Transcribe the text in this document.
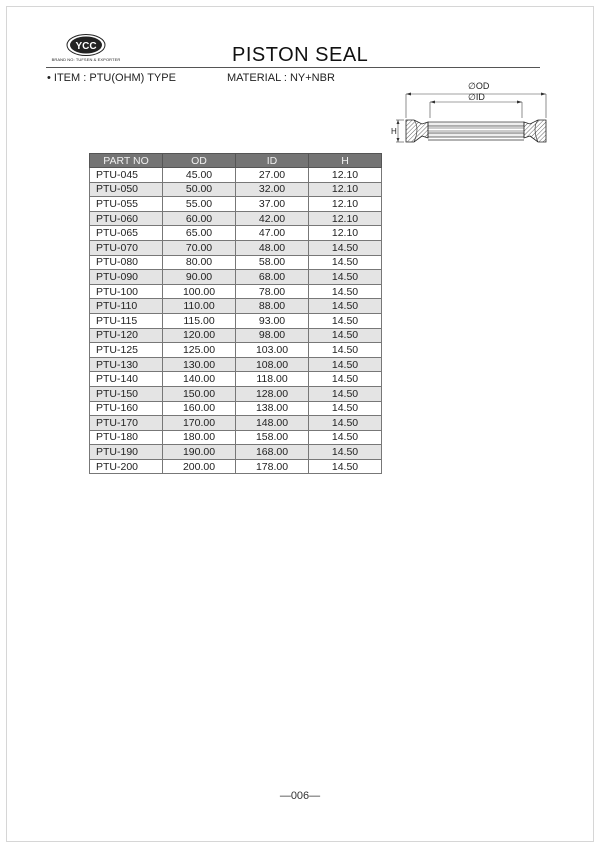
YCC
BRAND NO: TUFSEN & EXPORTER	PISTON SEAL
• ITEM : PTU(OHM) TYPE	MATERIAL : NY+NBR
∅OD
∅ID
H
PART NO	OD	ID	H
PTU-045	45.00	27.00	12.10
PTU-050	50.00	32.00	12.10
PTU-055	55.00	37.00	12.10
PTU-060	60.00	42.00	12.10
PTU-065	65.00	47.00	12.10
PTU-070	70.00	48.00	14.50
PTU-080	80.00	58.00	14.50
PTU-090	90.00	68.00	14.50
PTU-100	100.00	78.00	14.50
PTU-110	110.00	88.00	14.50
PTU-115	115.00	93.00	14.50
PTU-120	120.00	98.00	14.50
PTU-125	125.00	103.00	14.50
PTU-130	130.00	108.00	14.50
PTU-140	140.00	118.00	14.50
PTU-150	150.00	128.00	14.50
PTU-160	160.00	138.00	14.50
PTU-170	170.00	148.00	14.50
PTU-180	180.00	158.00	14.50
PTU-190	190.00	168.00	14.50
PTU-200	200.00	178.00	14.50
—006—
